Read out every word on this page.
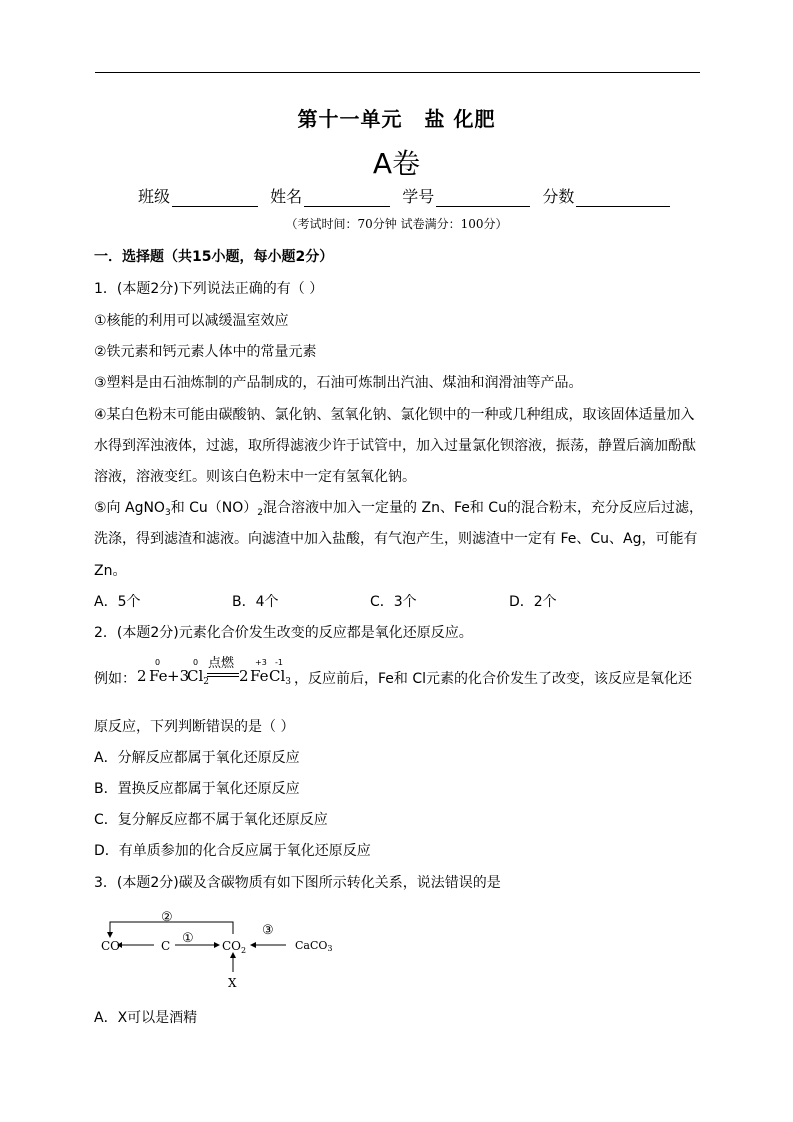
第十一单元 盐 化肥
A卷
班级	姓名	学号	分数
（考试时间：70分钟 试卷满分：100分）
一．选择题（共15小题，每小题2分）
1．(本题2分)下列说法正确的有（ ）
①核能的利用可以减缓温室效应
②铁元素和钙元素人体中的常量元素
③塑料是由石油炼制的产品制成的，石油可炼制出汽油、煤油和润滑油等产品。
④某白色粉末可能由碳酸钠、氯化钠、氢氧化钠、氯化钡中的一种或几种组成，取该固体适量加入
水得到浑浊液体，过滤，取所得滤液少许于试管中，加入过量氯化钡溶液，振荡，静置后滴加酚酞
溶液，溶液变红。则该白色粉末中一定有氢氧化钠。
⑤向 AgNO$_3$和 $Cu(NO)_2$混合溶液中加入一定量的 Zn、Fe和 Cu的混合粉末，充分反应后过滤，
洗涤，得到滤渣和滤液。向滤渣中加入盐酸，有气泡产生，则滤渣中一定有 Fe、Cu、Ag，可能有
Zn。
A．5个	B．4个	C．3个	D．2个
2．(本题2分)元素化合价发生改变的反应都是氧化还原反应。
例如： 2
0
Fe +3
0
$Cl_2$
点燃
2
+3
Fe
-1
$Cl_3$ ，反应前后，Fe和 Cl元素的化合价发生了改变，该反应是氧化还
原反应，下列判断错误的是（ ）
A．分解反应都属于氧化还原反应
B．置换反应都属于氧化还原反应
C．复分解反应都不属于氧化还原反应
D．有单质参加的化合反应属于氧化还原反应
3．(本题2分)碳及含碳物质有如下图所示转化关系，说法错误的是
②
①
③
CO	C	$CO_2$	CaCO3
X
A．X可以是酒精
